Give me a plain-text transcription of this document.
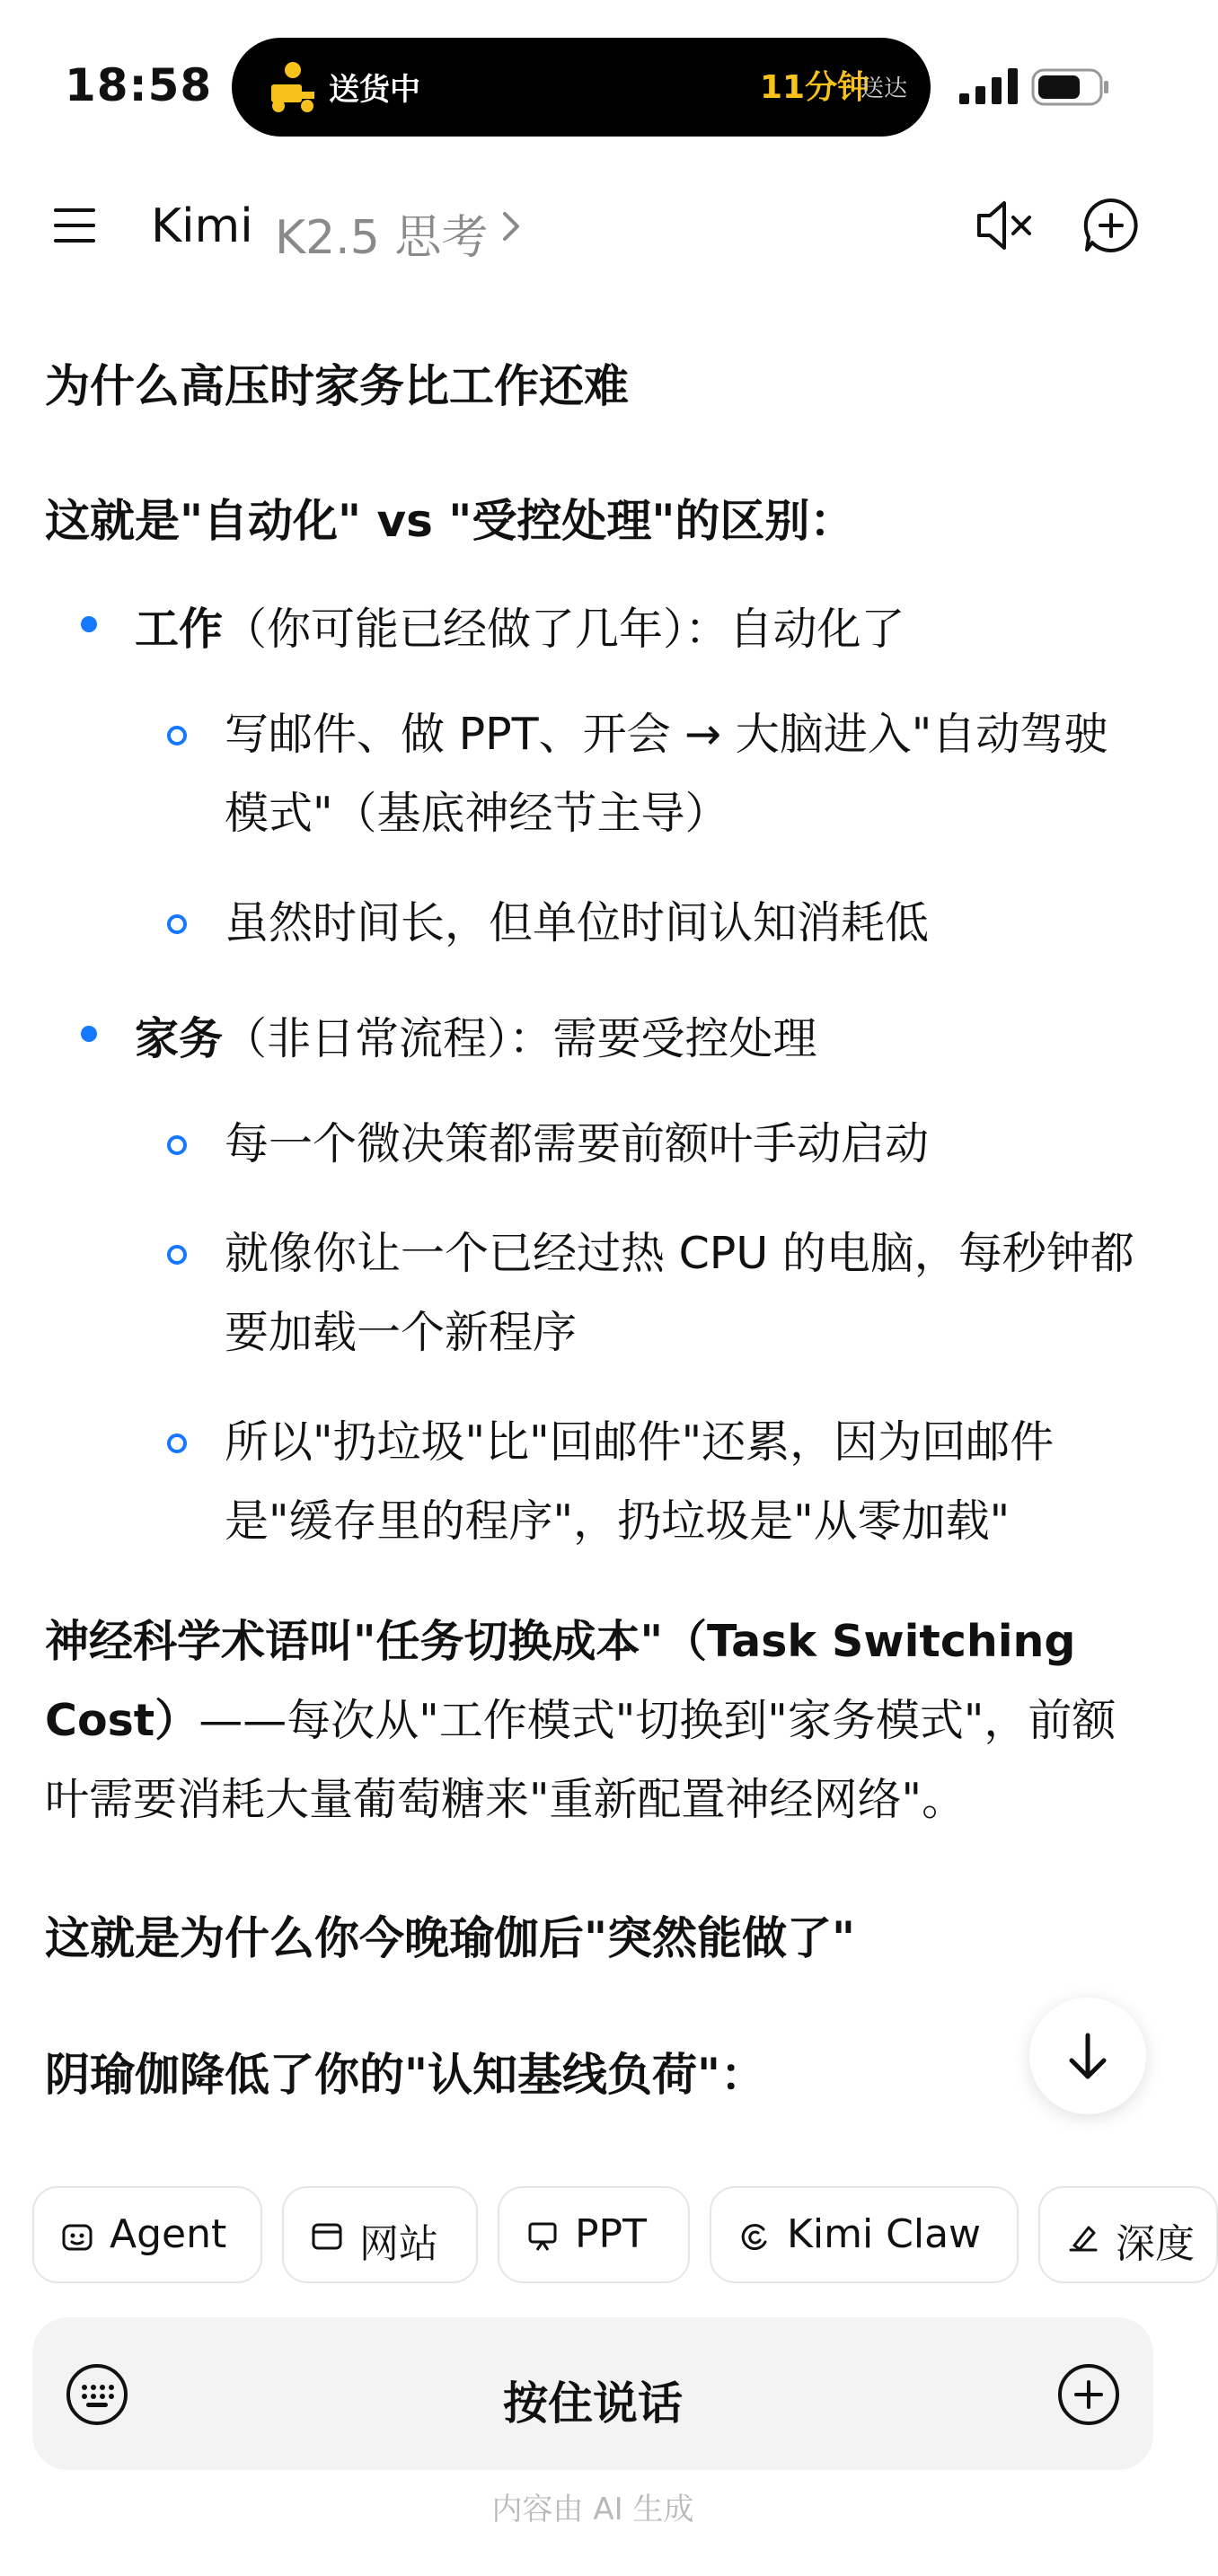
18:58	送货中	11分钟
送达
Kimi K2.5 思考
为什么高压时家务比工作还难
这就是"自动化" vs "受控处理"的区别：
工作（你可能已经做了几年）：自动化了
写邮件、做 PPT、开会 → 大脑进入"自动驾驶模式"（基底神经节主导）
虽然时间长，但单位时间认知消耗低
家务（非日常流程）：需要受控处理
每一个微决策都需要前额叶手动启动
就像你让一个已经过热 CPU 的电脑，每秒钟都要加载一个新程序
所以"扔垃圾"比"回邮件"还累，因为回邮件是"缓存里的程序"，扔垃圾是"从零加载"
神经科学术语叫"任务切换成本"（Task Switching Cost）——每次从"工作模式"切换到"家务模式"，前额叶需要消耗大量葡萄糖来"重新配置神经网络"。
这就是为什么你今晚瑜伽后"突然能做了"
阴瑜伽降低了你的"认知基线负荷"：
Agent	网站	PPT	Kimi Claw	深度
按住说话
内容由 AI 生成
